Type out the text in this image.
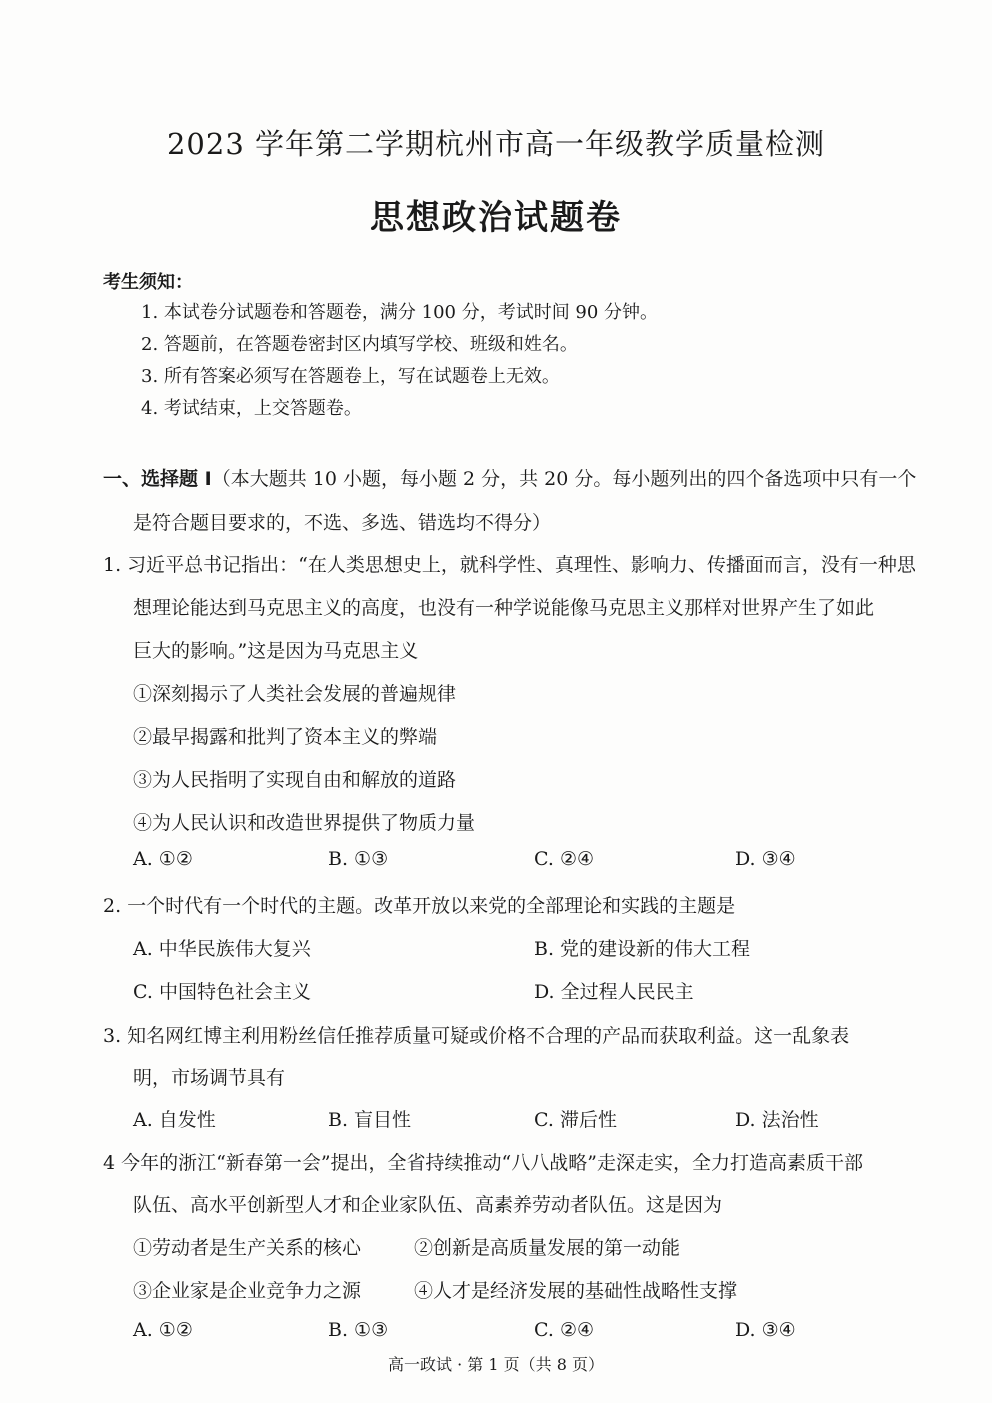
2023 学年第二学期杭州市高一年级教学质量检测
思想政治试题卷
考生须知：
1. 本试卷分试题卷和答题卷，满分 100 分，考试时间 90 分钟。
2. 答题前，在答题卷密封区内填写学校、班级和姓名。
3. 所有答案必须写在答题卷上，写在试题卷上无效。
4. 考试结束，上交答题卷。
一、选择题 I（本大题共 10 小题，每小题 2 分，共 20 分。每小题列出的四个备选项中只有一个
是符合题目要求的，不选、多选、错选均不得分）
1. 习近平总书记指出：“在人类思想史上，就科学性、真理性、影响力、传播面而言，没有一种思
想理论能达到马克思主义的高度，也没有一种学说能像马克思主义那样对世界产生了如此
巨大的影响。”这是因为马克思主义
①深刻揭示了人类社会发展的普遍规律
②最早揭露和批判了资本主义的弊端
③为人民指明了实现自由和解放的道路
④为人民认识和改造世界提供了物质力量
A. ①②	B. ①③	C. ②④	D. ③④
2. 一个时代有一个时代的主题。改革开放以来党的全部理论和实践的主题是
A. 中华民族伟大复兴	B. 党的建设新的伟大工程
C. 中国特色社会主义	D. 全过程人民民主
3. 知名网红博主利用粉丝信任推荐质量可疑或价格不合理的产品而获取利益。这一乱象表
明，市场调节具有
A. 自发性	B. 盲目性	C. 滞后性	D. 法治性
4 今年的浙江“新春第一会”提出，全省持续推动“八八战略”走深走实，全力打造高素质干部
队伍、高水平创新型人才和企业家队伍、高素养劳动者队伍。这是因为
①劳动者是生产关系的核心	②创新是高质量发展的第一动能
③企业家是企业竞争力之源	④人才是经济发展的基础性战略性支撑
A. ①②	B. ①③	C. ②④	D. ③④
高一政试 · 第 1 页（共 8 页）
